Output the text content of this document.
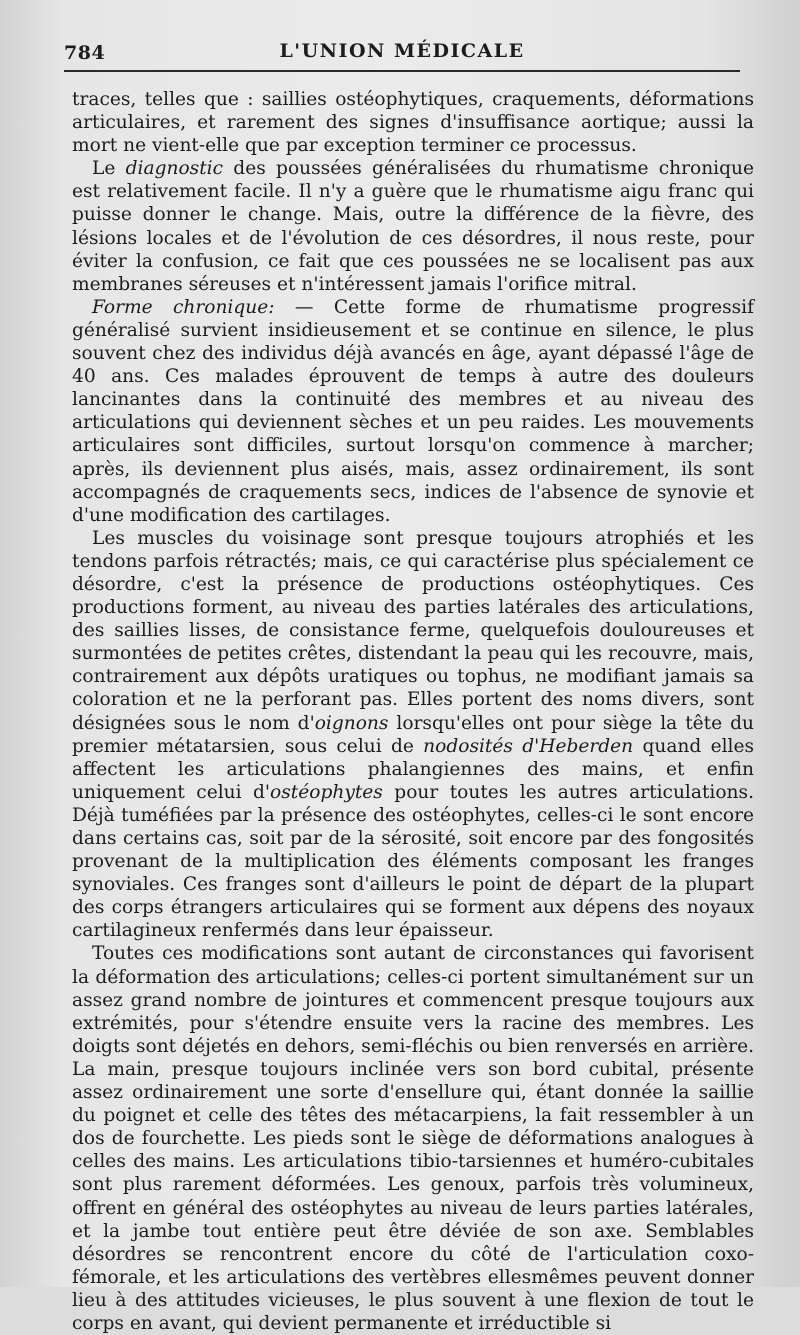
784	L'UNION MÉDICALE

traces, telles que : saillies ostéophytiques, craquements, déformations articulaires, et rarement des signes d'insuffisance aortique; aussi la mort ne vient-elle que par exception terminer ce processus.

Le diagnostic des poussées généralisées du rhumatisme chronique est relativement facile. Il n'y a guère que le rhumatisme aigu franc qui puisse donner le change. Mais, outre la différence de la fièvre, des lésions locales et de l'évolution de ces désordres, il nous reste, pour éviter la confusion, ce fait que ces poussées ne se localisent pas aux membranes séreuses et n'intéressent jamais l'orifice mitral.

Forme chronique: — Cette forme de rhumatisme progressif généralisé survient insidieusement et se continue en silence, le plus souvent chez des individus déjà avancés en âge, ayant dépassé l'âge de 40 ans. Ces malades éprouvent de temps à autre des douleurs lancinantes dans la continuité des membres et au niveau des articulations qui deviennent sèches et un peu raides. Les mouvements articulaires sont difficiles, surtout lorsqu'on commence à marcher; après, ils deviennent plus aisés, mais, assez ordinairement, ils sont accompagnés de craquements secs, indices de l'absence de synovie et d'une modification des cartilages.

Les muscles du voisinage sont presque toujours atrophiés et les tendons parfois rétractés; mais, ce qui caractérise plus spécialement ce désordre, c'est la présence de productions ostéophytiques. Ces productions forment, au niveau des parties latérales des articulations, des saillies lisses, de consistance ferme, quelquefois douloureuses et surmontées de petites crêtes, distendant la peau qui les recouvre, mais, contrairement aux dépôts uratiques ou tophus, ne modifiant jamais sa coloration et ne la perforant pas. Elles portent des noms divers, sont désignées sous le nom d'oignons lorsqu'elles ont pour siège la tête du premier métatarsien, sous celui de nodosités d'Heberden quand elles affectent les articulations phalangiennes des mains, et enfin uniquement celui d'ostéophytes pour toutes les autres articulations. Déjà tuméfiées par la présence des ostéophytes, celles-ci le sont encore dans certains cas, soit par de la sérosité, soit encore par des fongosités provenant de la multiplication des éléments composant les franges synoviales. Ces franges sont d'ailleurs le point de départ de la plupart des corps étrangers articulaires qui se forment aux dépens des noyaux cartilagineux renfermés dans leur épaisseur.

Toutes ces modifications sont autant de circonstances qui favorisent la déformation des articulations; celles-ci portent simultanément sur un assez grand nombre de jointures et commencent presque toujours aux extrémités, pour s'étendre ensuite vers la racine des membres. Les doigts sont déjetés en dehors, semi-fléchis ou bien renversés en arrière. La main, presque toujours inclinée vers son bord cubital, présente assez ordinairement une sorte d'ensellure qui, étant donnée la saillie du poignet et celle des têtes des métacarpiens, la fait ressembler à un dos de fourchette. Les pieds sont le siège de déformations analogues à celles des mains. Les articulations tibio-tarsiennes et huméro-cubitales sont plus rarement déformées. Les genoux, parfois très volumineux, offrent en général des ostéophytes au niveau de leurs parties latérales, et la jambe tout entière peut être déviée de son axe. Semblables désordres se rencontrent encore du côté de l'articulation coxo-fémorale, et les articulations des vertèbres ellesmêmes peuvent donner lieu à des attitudes vicieuses, le plus souvent à une flexion de tout le corps en avant, qui devient permanente et irréductible si
